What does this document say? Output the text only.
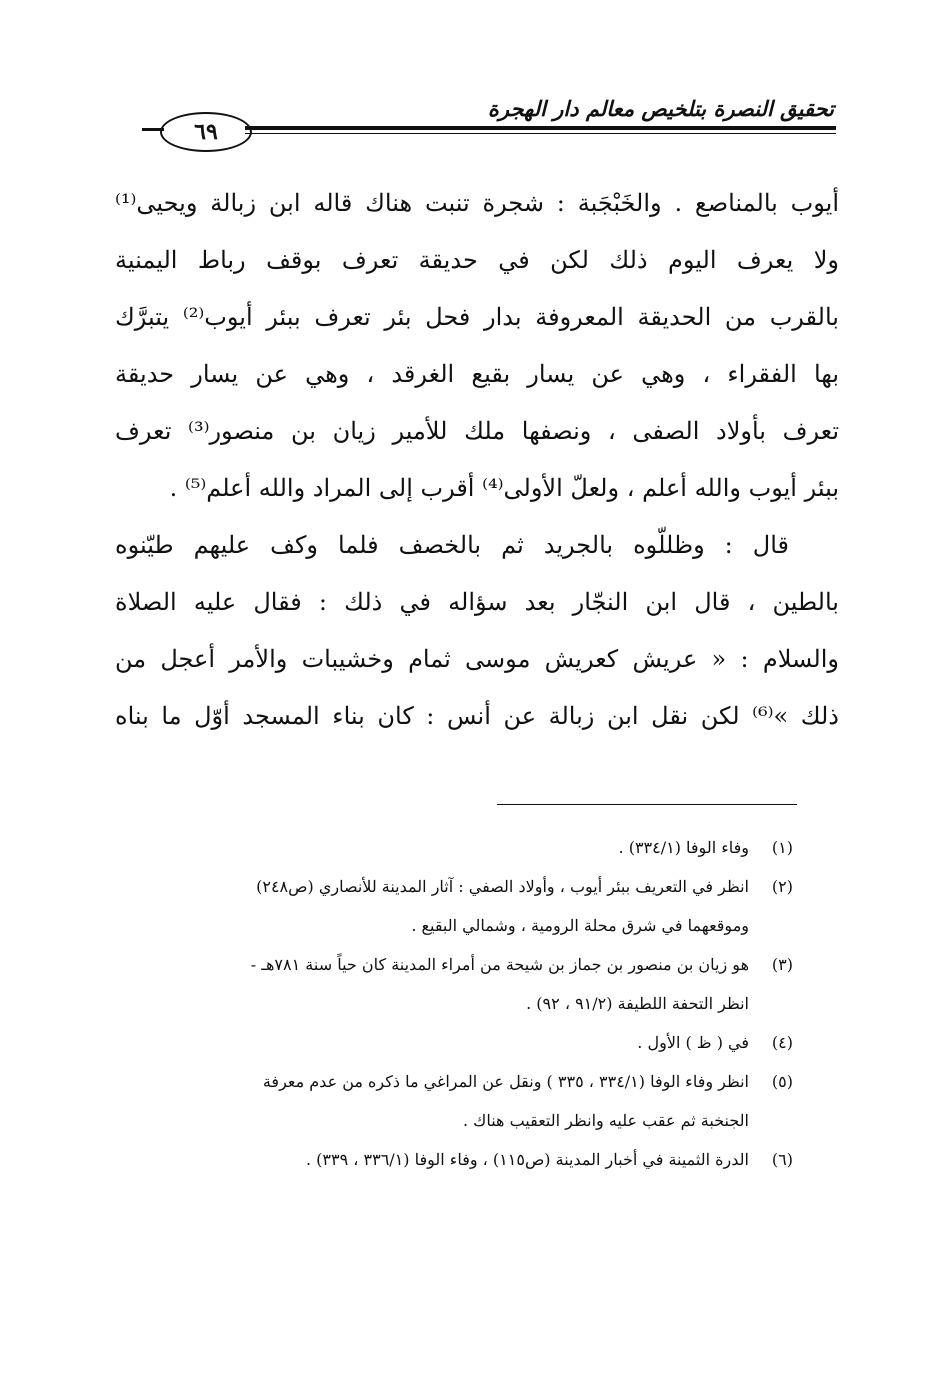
تحقيق النصرة بتلخيص معالم دار الهجرة
٦٩
أيوب بالمناصع . والخَبْجَبة : شجرة تنبت هناك قاله ابن زبالة ويحيى⁽¹⁾
ولا يعرف اليوم ذلك لكن في حديقة تعرف بوقف رباط اليمنية
بالقرب من الحديقة المعروفة بدار فحل بئر تعرف ببئر أيوب⁽²⁾ يتبرَّك
بها الفقراء ، وهي عن يسار بقيع الغرقد ، وهي عن يسار حديقة
تعرف بأولاد الصفى ، ونصفها ملك للأمير زيان بن منصور⁽³⁾ تعرف
ببئر أيوب والله أعلم ، ولعلّ الأولى⁽⁴⁾ أقرب إلى المراد والله أعلم⁽⁵⁾ .
قال : وظللّوه بالجريد ثم بالخصف فلما وكف عليهم طيّنوه
بالطين ، قال ابن النجّار بعد سؤاله في ذلك : فقال عليه الصلاة
والسلام : « عريش كعريش موسى ثمام وخشيبات والأمر أعجل من
ذلك »⁽⁶⁾ لكن نقل ابن زبالة عن أنس : كان بناء المسجد أوّل ما بناه
(١)وفاء الوفا (٣٣٤/١) .
(٢)انظر في التعريف ببئر أيوب ، وأولاد الصفي : آثار المدينة للأنصاري (ص٢٤٨)
وموقعهما في شرق محلة الرومية ، وشمالي البقيع .
(٣)هو زيان بن منصور بن جماز بن شيحة من أمراء المدينة كان حياً سنة ٧٨١هـ -
انظر التحفة اللطيفة (٩١/٢ ، ٩٢) .
(٤)في ( ظ ) الأول .
(٥)انظر وفاء الوفا (٣٣٤/١ ، ٣٣٥ ) ونقل عن المراغي ما ذكره من عدم معرفة
الجنخبة ثم عقب عليه وانظر التعقيب هناك .
(٦)الدرة الثمينة في أخبار المدينة (ص١١٥) ، وفاء الوفا (٣٣٦/١ ، ٣٣٩) .
